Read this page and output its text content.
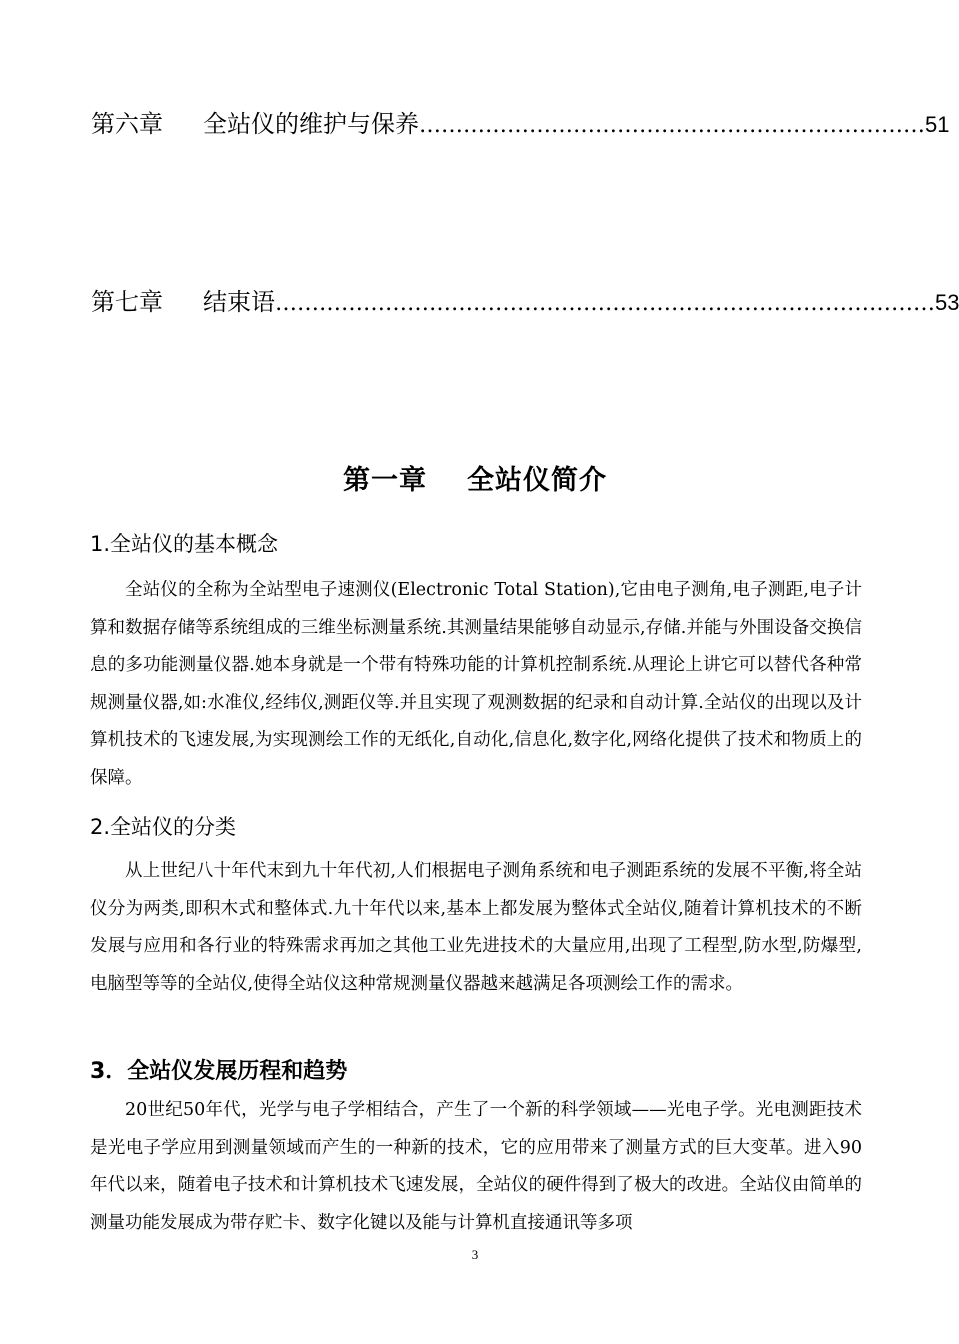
第六章 全站仪的维护与保养 …………………………………………………………… 51
第七章 结束语 ……………………………………………………………………………… 53
第一章 全站仪简介
1.全站仪的基本概念
全站仪的全称为全站型电子速测仪(Electronic Total Station),它由电子测角,电子测距,电子计算和数据存储等系统组成的三维坐标测量系统.其测量结果能够自动显示,存储.并能与外围设备交换信息的多功能测量仪器.她本身就是一个带有特殊功能的计算机控制系统.从理论上讲它可以替代各种常规测量仪器,如:水准仪,经纬仪,测距仪等.并且实现了观测数据的纪录和自动计算.全站仪的出现以及计算机技术的飞速发展,为实现测绘工作的无纸化,自动化,信息化,数字化,网络化提供了技术和物质上的保障。
2.全站仪的分类
从上世纪八十年代末到九十年代初,人们根据电子测角系统和电子测距系统的发展不平衡,将全站仪分为两类,即积木式和整体式.九十年代以来,基本上都发展为整体式全站仪,随着计算机技术的不断发展与应用和各行业的特殊需求再加之其他工业先进技术的大量应用,出现了工程型,防水型,防爆型,电脑型等等的全站仪,使得全站仪这种常规测量仪器越来越满足各项测绘工作的需求。
3．全站仪发展历程和趋势
20世纪50年代，光学与电子学相结合，产生了一个新的科学领域——光电子学。光电测距技术是光电子学应用到测量领域而产生的一种新的技术，它的应用带来了测量方式的巨大变革。进入90年代以来，随着电子技术和计算机技术飞速发展，全站仪的硬件得到了极大的改进。全站仪由简单的测量功能发展成为带存贮卡、数字化键以及能与计算机直接通讯等多项
3
